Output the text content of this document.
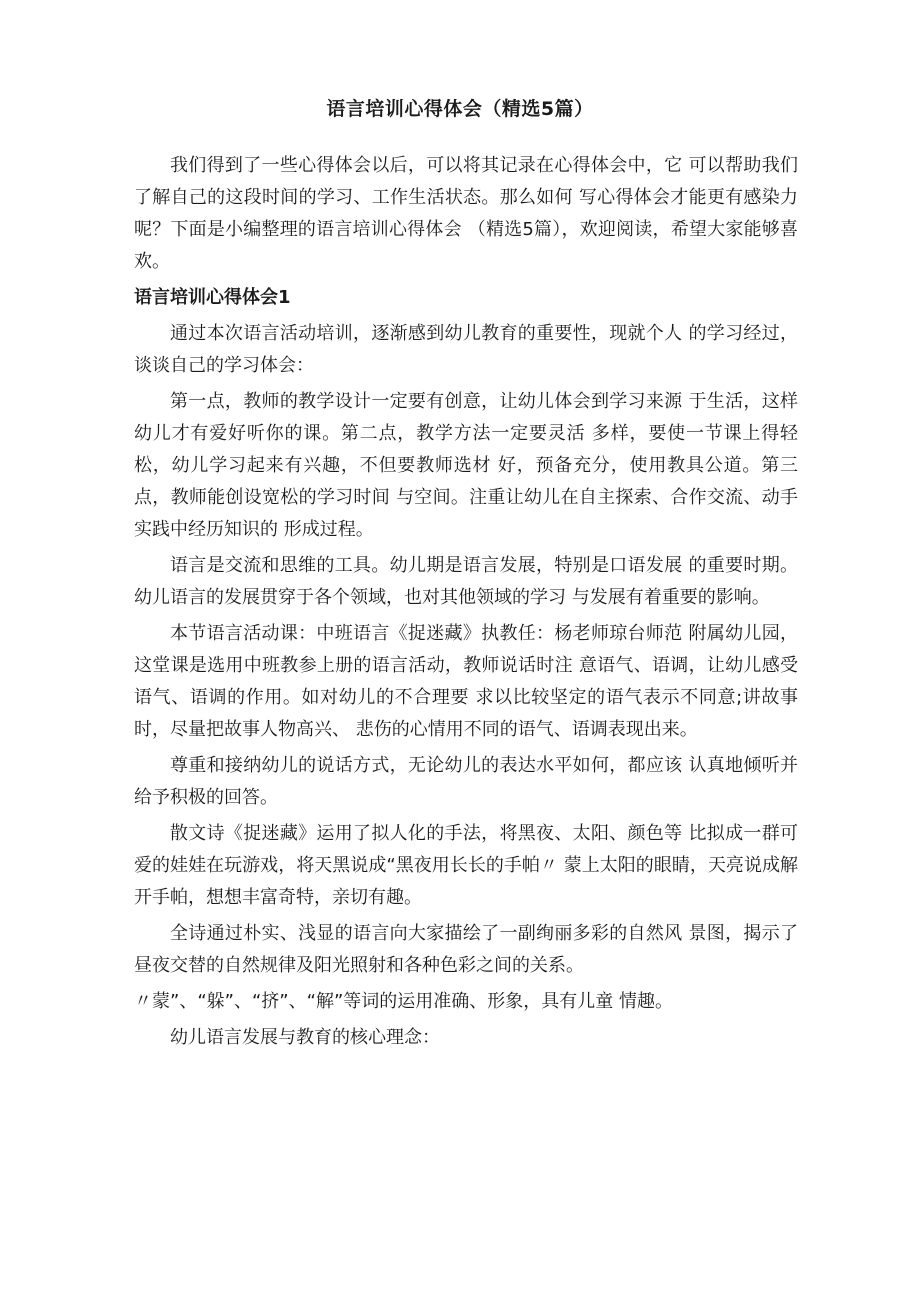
语言培训心得体会（精选5篇）

我们得到了一些心得体会以后，可以将其记录在心得体会中，它 可以帮助我们了解自己的这段时间的学习、工作生活状态。那么如何 写心得体会才能更有感染力呢？下面是小编整理的语言培训心得体会 （精选5篇），欢迎阅读，希望大家能够喜欢。

语言培训心得体会1

通过本次语言活动培训，逐渐感到幼儿教育的重要性，现就个人 的学习经过，谈谈自己的学习体会：

第一点，教师的教学设计一定要有创意，让幼儿体会到学习来源 于生活，这样幼儿才有爱好听你的课。第二点，教学方法一定要灵活 多样，要使一节课上得轻松，幼儿学习起来有兴趣，不但要教师选材 好，预备充分，使用教具公道。第三点，教师能创设宽松的学习时间 与空间。注重让幼儿在自主探索、合作交流、动手实践中经历知识的 形成过程。

语言是交流和思维的工具。幼儿期是语言发展，特别是口语发展 的重要时期。幼儿语言的发展贯穿于各个领域，也对其他领域的学习 与发展有着重要的影响。

本节语言活动课：中班语言《捉迷藏》执教任：杨老师琼台师范 附属幼儿园，这堂课是选用中班教参上册的语言活动，教师说话时注 意语气、语调，让幼儿感受语气、语调的作用。如对幼儿的不合理要 求以比较坚定的语气表示不同意;讲故事时，尽量把故事人物高兴、 悲伤的心情用不同的语气、语调表现出来。

尊重和接纳幼儿的说话方式，无论幼儿的表达水平如何，都应该 认真地倾听并给予积极的回答。

散文诗《捉迷藏》运用了拟人化的手法，将黑夜、太阳、颜色等 比拟成一群可爱的娃娃在玩游戏，将天黑说成“黑夜用长长的手帕〃 蒙上太阳的眼睛，天亮说成解开手帕，想想丰富奇特，亲切有趣。

全诗通过朴实、浅显的语言向大家描绘了一副绚丽多彩的自然风 景图，揭示了昼夜交替的自然规律及阳光照射和各种色彩之间的关系。

〃蒙”、“躲”、“挤”、“解”等词的运用准确、形象，具有儿童 情趣。

幼儿语言发展与教育的核心理念：
